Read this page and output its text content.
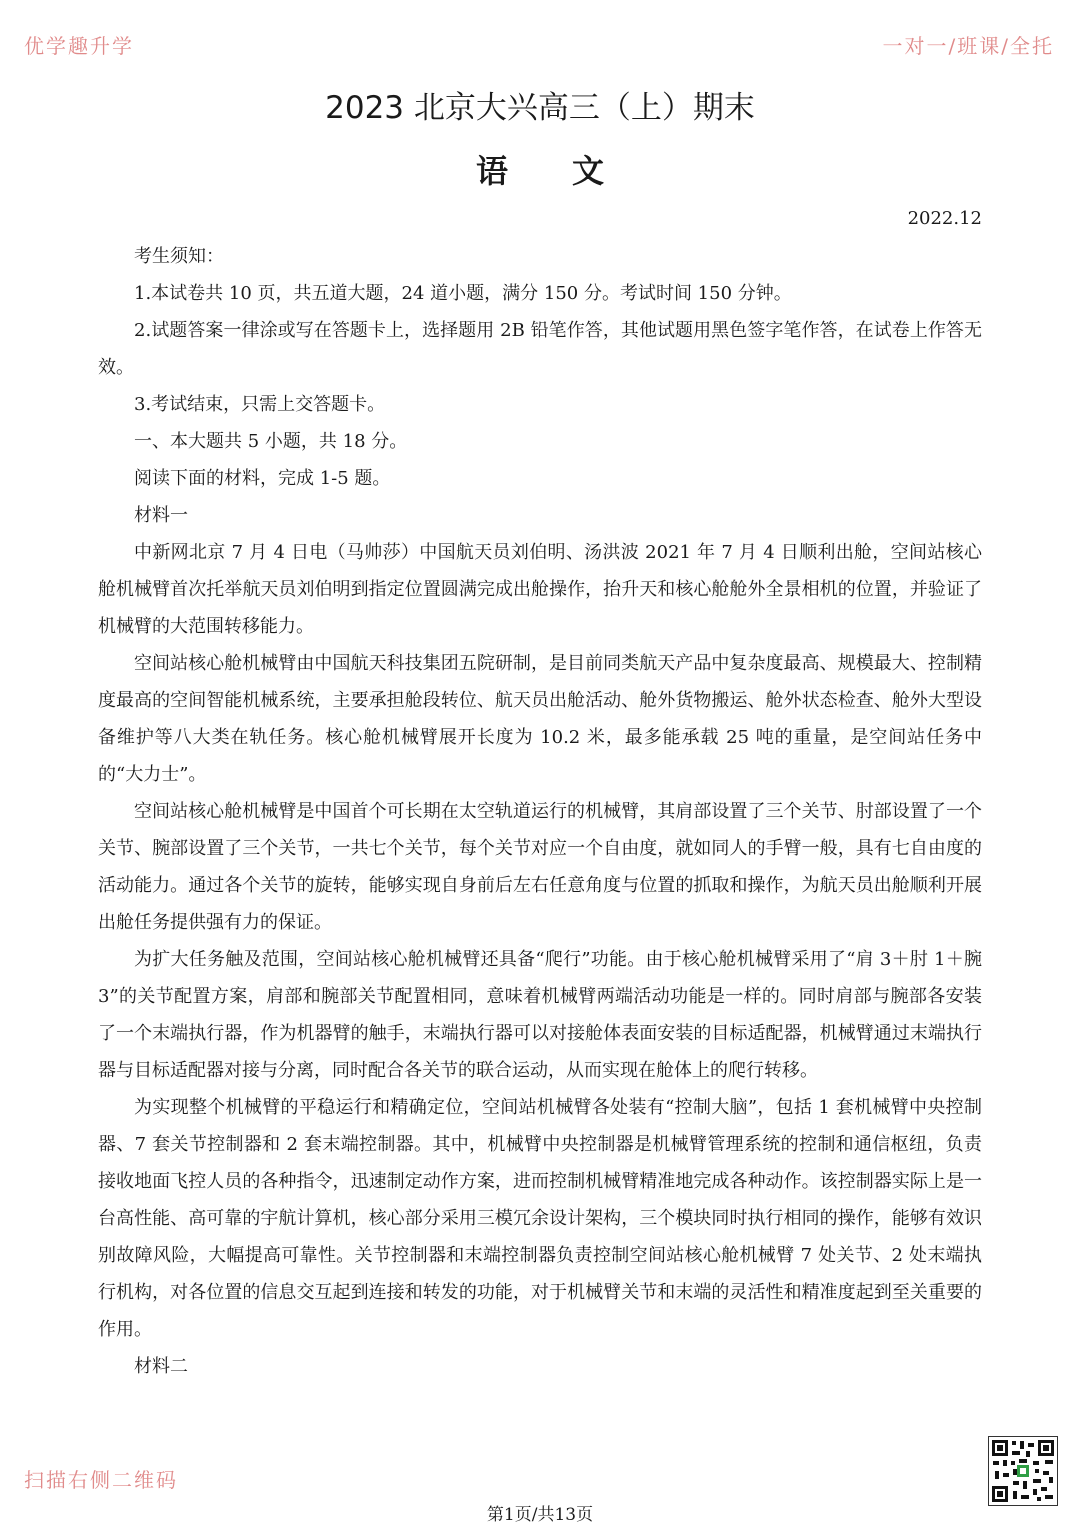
优学趣升学	一对一/班课/全托
2023 北京大兴高三（上）期末
语文
2022.12

考生须知：

1.本试卷共 10 页，共五道大题，24 道小题，满分 150 分。考试时间 150 分钟。

2.试题答案一律涂或写在答题卡上，选择题用 2B 铅笔作答，其他试题用黑色签字笔作答，在试卷上作答无效。

3.考试结束，只需上交答题卡。

一、本大题共 5 小题，共 18 分。

阅读下面的材料，完成 1-5 题。

材料一

中新网北京 7 月 4 日电（马帅莎）中国航天员刘伯明、汤洪波 2021 年 7 月 4 日顺利出舱，空间站核心舱机械臂首次托举航天员刘伯明到指定位置圆满完成出舱操作，抬升天和核心舱舱外全景相机的位置，并验证了机械臂的大范围转移能力。

空间站核心舱机械臂由中国航天科技集团五院研制，是目前同类航天产品中复杂度最高、规模最大、控制精度最高的空间智能机械系统，主要承担舱段转位、航天员出舱活动、舱外货物搬运、舱外状态检查、舱外大型设备维护等八大类在轨任务。核心舱机械臂展开长度为 10.2 米，最多能承载 25 吨的重量，是空间站任务中的“大力士”。

空间站核心舱机械臂是中国首个可长期在太空轨道运行的机械臂，其肩部设置了三个关节、肘部设置了一个关节、腕部设置了三个关节，一共七个关节，每个关节对应一个自由度，就如同人的手臂一般，具有七自由度的活动能力。通过各个关节的旋转，能够实现自身前后左右任意角度与位置的抓取和操作，为航天员出舱顺利开展出舱任务提供强有力的保证。

为扩大任务触及范围，空间站核心舱机械臂还具备“爬行”功能。由于核心舱机械臂采用了“肩 3＋肘 1＋腕 3”的关节配置方案，肩部和腕部关节配置相同，意味着机械臂两端活动功能是一样的。同时肩部与腕部各安装了一个末端执行器，作为机器臂的触手，末端执行器可以对接舱体表面安装的目标适配器，机械臂通过末端执行器与目标适配器对接与分离，同时配合各关节的联合运动，从而实现在舱体上的爬行转移。

为实现整个机械臂的平稳运行和精确定位，空间站机械臂各处装有“控制大脑”，包括 1 套机械臂中央控制器、7 套关节控制器和 2 套末端控制器。其中，机械臂中央控制器是机械臂管理系统的控制和通信枢纽，负责接收地面飞控人员的各种指令，迅速制定动作方案，进而控制机械臂精准地完成各种动作。该控制器实际上是一台高性能、高可靠的宇航计算机，核心部分采用三模冗余设计架构，三个模块同时执行相同的操作，能够有效识别故障风险，大幅提高可靠性。关节控制器和末端控制器负责控制空间站核心舱机械臂 7 处关节、2 处末端执行机构，对各位置的信息交互起到连接和转发的功能，对于机械臂关节和末端的灵活性和精准度起到至关重要的作用。

材料二

扫描右侧二维码
第1页/共13页
